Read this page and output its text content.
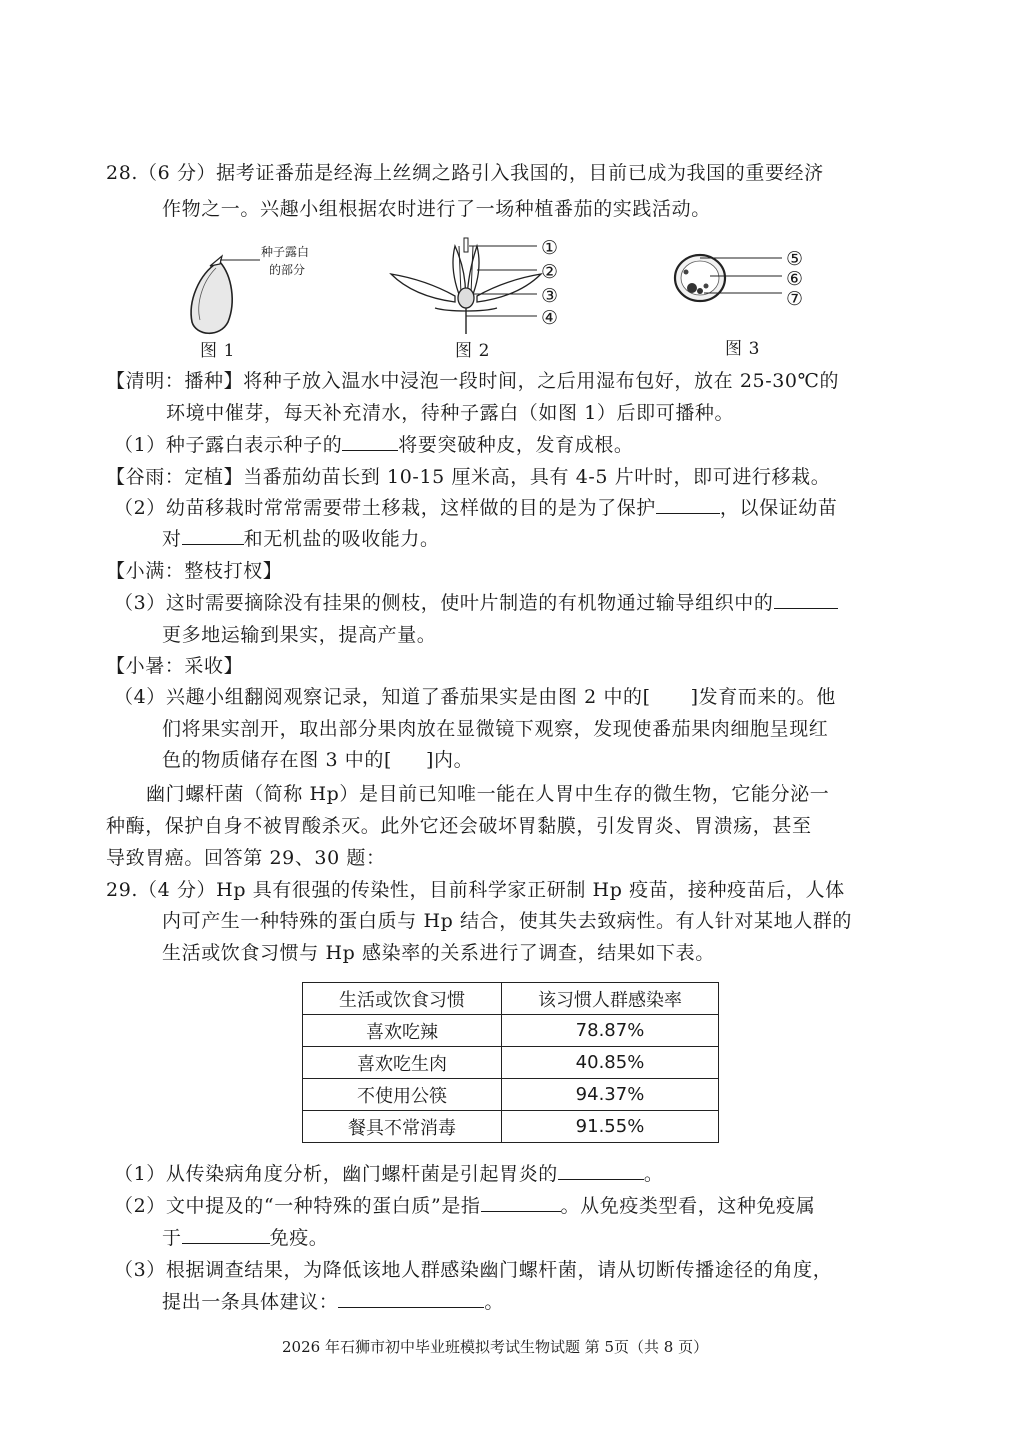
28.（6 分）据考证番茄是经海上丝绸之路引入我国的，目前已成为我国的重要经济
作物之一。兴趣小组根据农时进行了一场种植番茄的实践活动。
种子露白
的部分
图 1
①
②
③
④
图 2
⑤
⑥
⑦
图 3
【清明：播种】将种子放入温水中浸泡一段时间，之后用湿布包好，放在 25-30℃的
环境中催芽，每天补充清水，待种子露白（如图 1）后即可播种。
（1）种子露白表示种子的	将要突破种皮，发育成根。
【谷雨：定植】当番茄幼苗长到 10-15 厘米高，具有 4-5 片叶时，即可进行移栽。
（2）幼苗移栽时常常需要带土移栽，这样做的目的是为了保护	，以保证幼苗
对	和无机盐的吸收能力。
【小满：整枝打杈】
（3）这时需要摘除没有挂果的侧枝，使叶片制造的有机物通过输导组织中的
更多地运输到果实，提高产量。
【小暑：采收】
（4）兴趣小组翻阅观察记录，知道了番茄果实是由图 2 中的[ ]发育而来的。他
们将果实剖开，取出部分果肉放在显微镜下观察，发现使番茄果肉细胞呈现红
色的物质储存在图 3 中的[ ]内。
幽门螺杆菌（简称 Hp）是目前已知唯一能在人胃中生存的微生物，它能分泌一
种酶，保护自身不被胃酸杀灭。此外它还会破坏胃黏膜，引发胃炎、胃溃疡，甚至
导致胃癌。回答第 29、30 题：
29.（4 分）Hp 具有很强的传染性，目前科学家正研制 Hp 疫苗，接种疫苗后，人体
内可产生一种特殊的蛋白质与 Hp 结合，使其失去致病性。有人针对某地人群的
生活或饮食习惯与 Hp 感染率的关系进行了调查，结果如下表。
生活或饮食习惯	该习惯人群感染率
喜欢吃辣	78.87%
喜欢吃生肉	40.85%
不使用公筷	94.37%
餐具不常消毒	91.55%
（1）从传染病角度分析，幽门螺杆菌是引起胃炎的	。
（2）文中提及的“一种特殊的蛋白质”是指	。从免疫类型看，这种免疫属
于	免疫。
（3）根据调查结果，为降低该地人群感染幽门螺杆菌，请从切断传播途径的角度，
提出一条具体建议：	。
2026 年石狮市初中毕业班模拟考试生物试题 第 5页（共 8 页）
